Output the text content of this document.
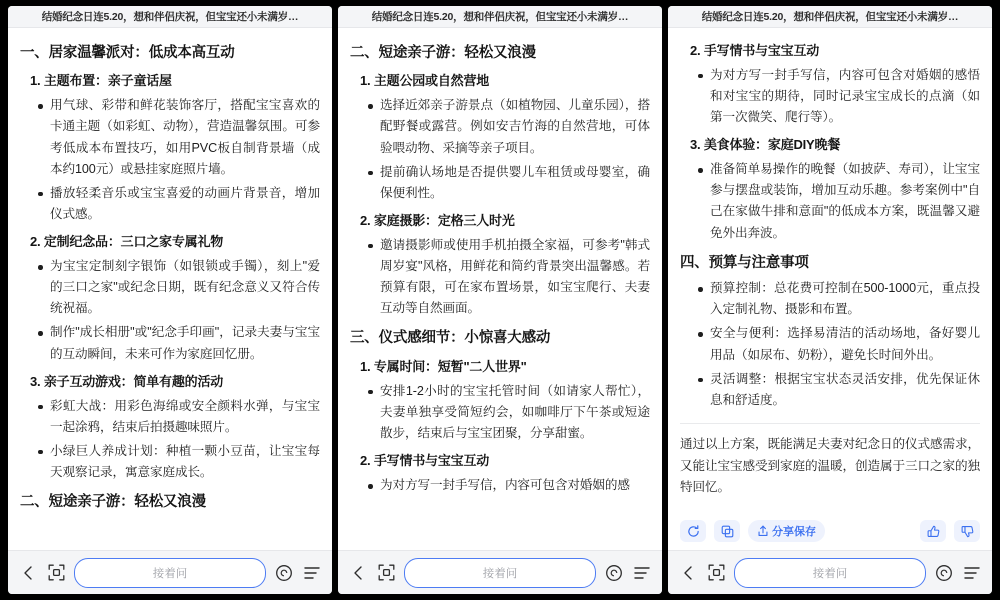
结婚纪念日连5.20，想和伴侣庆祝，但宝宝还小未满岁…
一、居家温馨派对：低成本高互动
1. 主题布置：亲子童话屋
用气球、彩带和鲜花装饰客厅，搭配宝宝喜欢的卡通主题（如彩虹、动物），营造温馨氛围。可参考低成本布置技巧，如用PVC板自制背景墙（成本约100元）或悬挂家庭照片墙。
播放轻柔音乐或宝宝喜爱的动画片背景音，增加仪式感。
2. 定制纪念品：三口之家专属礼物
为宝宝定制刻字银饰（如银锁或手镯），刻上"爱的三口之家"或纪念日期，既有纪念意义又符合传统祝福。
制作"成长相册"或"纪念手印画"，记录夫妻与宝宝的互动瞬间，未来可作为家庭回忆册。
3. 亲子互动游戏：简单有趣的活动
彩虹大战：用彩色海绵或安全颜料水弹，与宝宝一起涂鸦，结束后拍摄趣味照片。
小绿巨人养成计划：种植一颗小豆苗，让宝宝每天观察记录，寓意家庭成长。
二、短途亲子游：轻松又浪漫
接着问
结婚纪念日连5.20，想和伴侣庆祝，但宝宝还小未满岁…
二、短途亲子游：轻松又浪漫
1. 主题公园或自然营地
选择近郊亲子游景点（如植物园、儿童乐园），搭配野餐或露营。例如安吉竹海的自然营地，可体验喂动物、采摘等亲子项目。
提前确认场地是否提供婴儿车租赁或母婴室，确保便利性。
2. 家庭摄影：定格三人时光
邀请摄影师或使用手机拍摄全家福，可参考"韩式周岁宴"风格，用鲜花和简约背景突出温馨感。若预算有限，可在家布置场景，如宝宝爬行、夫妻互动等自然画面。
三、仪式感细节：小惊喜大感动
1. 专属时间：短暂"二人世界"
安排1-2小时的宝宝托管时间（如请家人帮忙），夫妻单独享受简短约会，如咖啡厅下午茶或短途散步，结束后与宝宝团聚，分享甜蜜。
2. 手写情书与宝宝互动
为对方写一封手写信，内容可包含对婚姻的感
接着问
结婚纪念日连5.20，想和伴侣庆祝，但宝宝还小未满岁…
2. 手写情书与宝宝互动
为对方写一封手写信，内容可包含对婚姻的感悟和对宝宝的期待，同时记录宝宝成长的点滴（如第一次微笑、爬行等）。
3. 美食体验：家庭DIY晚餐
准备简单易操作的晚餐（如披萨、寿司），让宝宝参与摆盘或装饰，增加互动乐趣。参考案例中"自己在家做牛排和意面"的低成本方案，既温馨又避免外出奔波。
四、预算与注意事项
预算控制：总花费可控制在500-1000元，重点投入定制礼物、摄影和布置。
安全与便利：选择易清洁的活动场地，备好婴儿用品（如尿布、奶粉），避免长时间外出。
灵活调整：根据宝宝状态灵活安排，优先保证休息和舒适度。
通过以上方案，既能满足夫妻对纪念日的仪式感需求，又能让宝宝感受到家庭的温暖，创造属于三口之家的独特回忆。
分享保存
接着问
